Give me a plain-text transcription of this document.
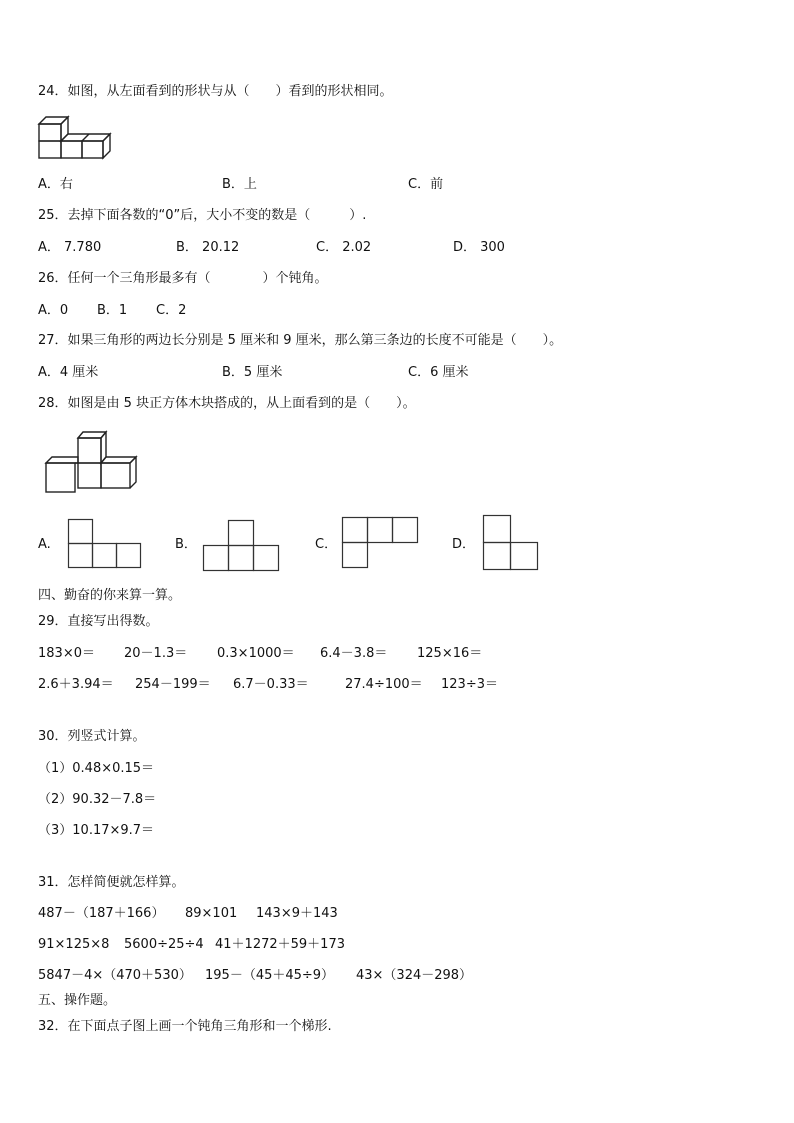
24．如图，从左面看到的形状与从（　　）看到的形状相同。
A．右	B．上	C．前
25．去掉下面各数的“0”后，大小不变的数是（　　　）.
A． 7.780	B． 20.12	C． 2.02	D． 300
26．任何一个三角形最多有（　　　　）个钝角。
A．0 B．1 C．2
27．如果三角形的两边长分别是 5 厘米和 9 厘米，那么第三条边的长度不可能是（　　）。
A．4 厘米	B．5 厘米	C．6 厘米
28．如图是由 5 块正方体木块搭成的，从上面看到的是（　　）。
A.	B．	C．	D．
四、勤奋的你来算一算。
29．直接写出得数。
183×0＝ 20－1.3＝ 0.3×1000＝ 6.4－3.8＝ 125×16＝
2.6＋3.94＝ 254－199＝ 6.7－0.33＝	27.4÷100＝ 123÷3＝
30．列竖式计算。
（1）0.48×0.15＝
（2）90.32－7.8＝
（3）10.17×9.7＝
31．怎样简便就怎样算。
487－（187＋166） 89×101 143×9＋143
91×125×8 5600÷25÷4 41＋1272＋59＋173
5847－4×（470＋530） 195－（45＋45÷9） 43×（324－298）
五、操作题。
32．在下面点子图上画一个钝角三角形和一个梯形.
